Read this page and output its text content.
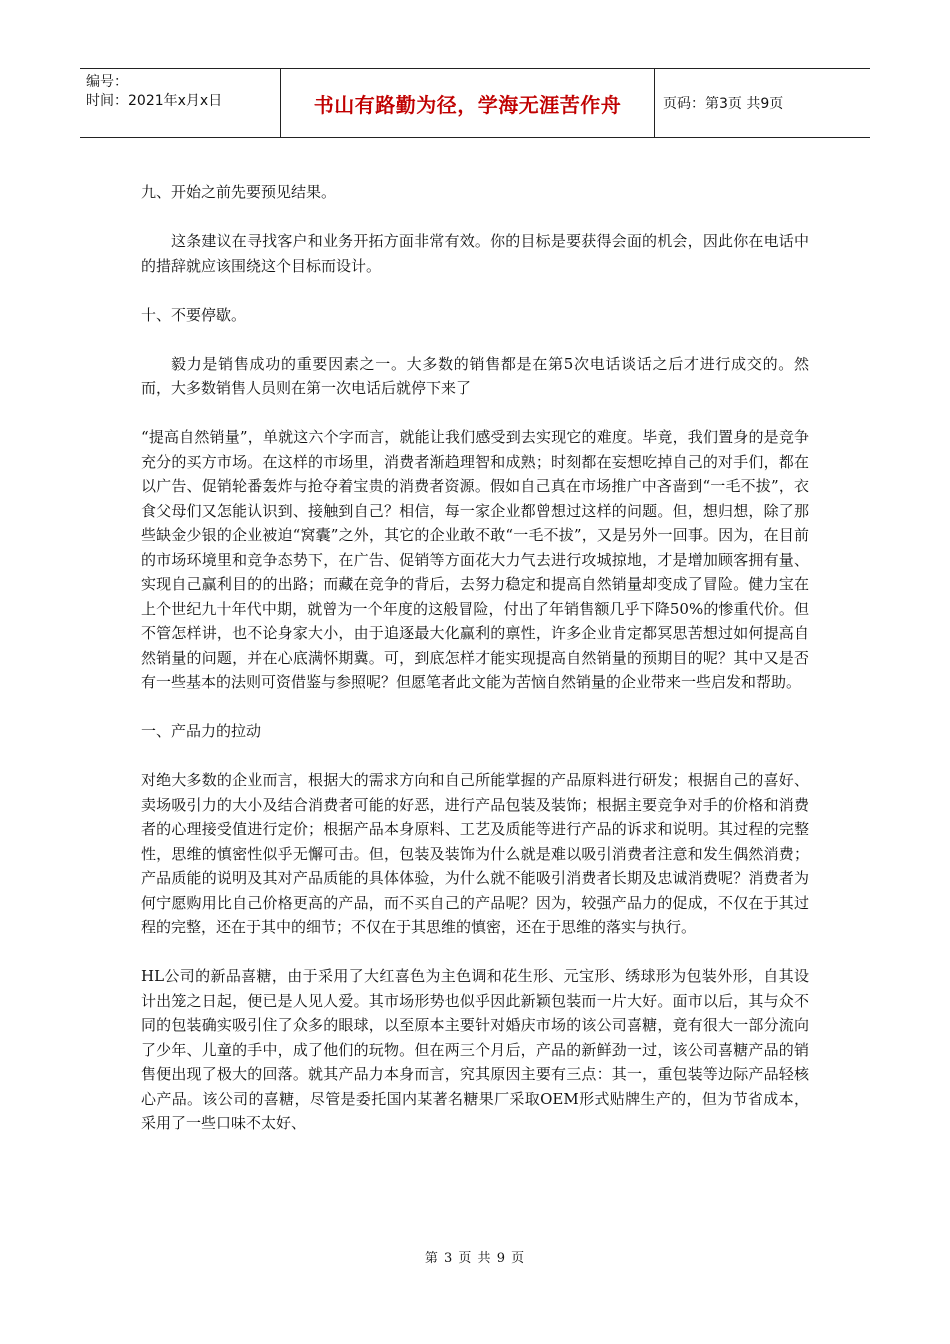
编号：
时间：2021年x月x日	书山有路勤为径，学海无涯苦作舟	页码：第3页 共9页

九、开始之前先要预见结果。

这条建议在寻找客户和业务开拓方面非常有效。你的目标是要获得会面的机会，因此你在电话中的措辞就应该围绕这个目标而设计。

十、不要停歇。

毅力是销售成功的重要因素之一。大多数的销售都是在第5次电话谈话之后才进行成交的。然而，大多数销售人员则在第一次电话后就停下来了

“提高自然销量”，单就这六个字而言，就能让我们感受到去实现它的难度。毕竟，我们置身的是竞争充分的买方市场。在这样的市场里，消费者渐趋理智和成熟；时刻都在妄想吃掉自己的对手们，都在以广告、促销轮番轰炸与抢夺着宝贵的消费者资源。假如自己真在市场推广中吝啬到“一毛不拔”，衣食父母们又怎能认识到、接触到自己？相信，每一家企业都曾想过这样的问题。但，想归想，除了那些缺金少银的企业被迫“窝囊”之外，其它的企业敢不敢“一毛不拔”，又是另外一回事。因为，在目前的市场环境里和竞争态势下，在广告、促销等方面花大力气去进行攻城掠地，才是增加顾客拥有量、实现自己赢利目的的出路；而藏在竞争的背后，去努力稳定和提高自然销量却变成了冒险。健力宝在上个世纪九十年代中期，就曾为一个年度的这般冒险，付出了年销售额几乎下降50%的惨重代价。但不管怎样讲，也不论身家大小，由于追逐最大化赢利的禀性，许多企业肯定都冥思苦想过如何提高自然销量的问题，并在心底满怀期冀。可，到底怎样才能实现提高自然销量的预期目的呢？其中又是否有一些基本的法则可资借鉴与参照呢？但愿笔者此文能为苦恼自然销量的企业带来一些启发和帮助。

一、产品力的拉动

对绝大多数的企业而言，根据大的需求方向和自己所能掌握的产品原料进行研发；根据自己的喜好、卖场吸引力的大小及结合消费者可能的好恶，进行产品包装及装饰；根据主要竞争对手的价格和消费者的心理接受值进行定价；根据产品本身原料、工艺及质能等进行产品的诉求和说明。其过程的完整性，思维的慎密性似乎无懈可击。但，包装及装饰为什么就是难以吸引消费者注意和发生偶然消费；产品质能的说明及其对产品质能的具体体验，为什么就不能吸引消费者长期及忠诚消费呢？消费者为何宁愿购用比自己价格更高的产品，而不买自己的产品呢？因为，较强产品力的促成，不仅在于其过程的完整，还在于其中的细节；不仅在于其思维的慎密，还在于思维的落实与执行。

HL公司的新品喜糖，由于采用了大红喜色为主色调和花生形、元宝形、绣球形为包装外形，自其设计出笼之日起，便已是人见人爱。其市场形势也似乎因此新颖包装而一片大好。面市以后，其与众不同的包装确实吸引住了众多的眼球，以至原本主要针对婚庆市场的该公司喜糖，竟有很大一部分流向了少年、儿童的手中，成了他们的玩物。但在两三个月后，产品的新鲜劲一过，该公司喜糖产品的销售便出现了极大的回落。就其产品力本身而言，究其原因主要有三点：其一，重包装等边际产品轻核心产品。该公司的喜糖，尽管是委托国内某著名糖果厂采取OEM形式贴牌生产的，但为节省成本，采用了一些口味不太好、

第 3 页 共 9 页
